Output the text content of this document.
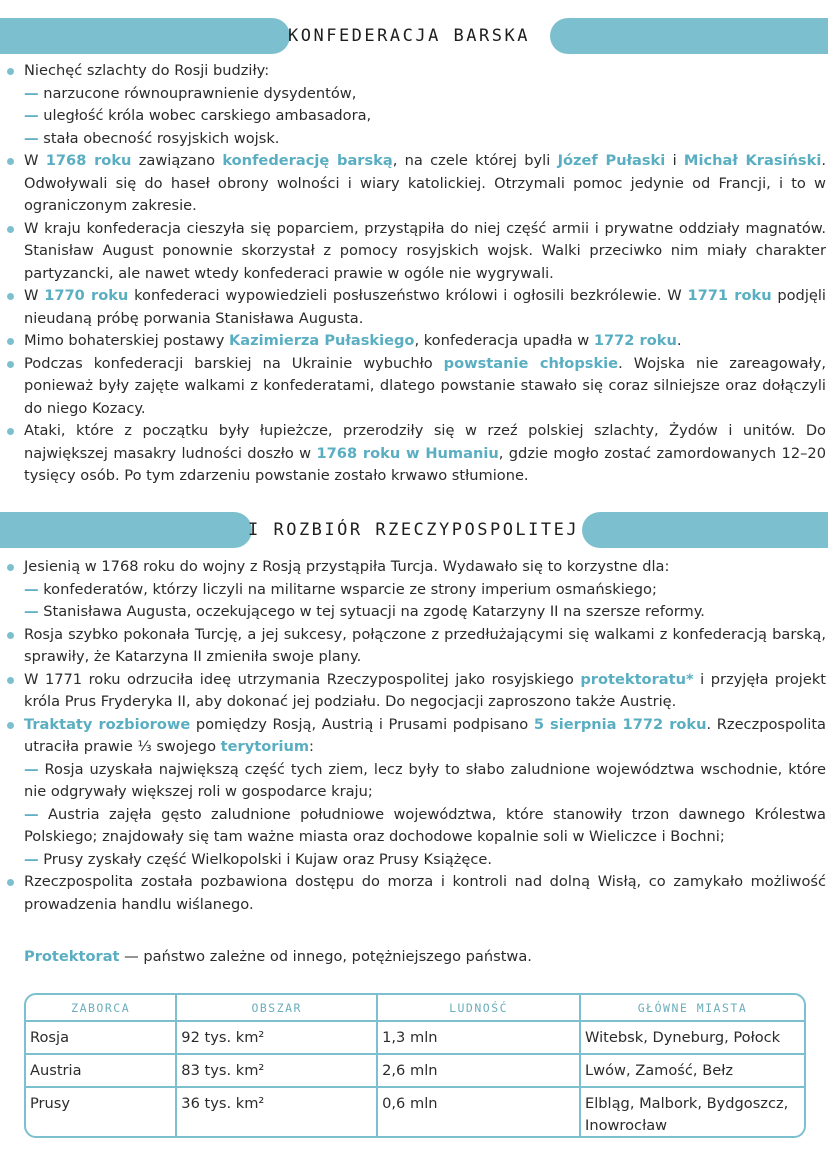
KONFEDERACJA BARSKA

Niechęć szlachty do Rosji budziły:

— narzucone równouprawnienie dysydentów,

— uległość króla wobec carskiego ambasadora,

— stała obecność rosyjskich wojsk.

W 1768 roku zawiązano konfederację barską, na czele której byli Józef Pułaski i Michał Krasiński. Odwoływali się do haseł obrony wolności i wiary katolickiej. Otrzymali pomoc jedynie od Francji, i to w ograniczonym zakresie.

W kraju konfederacja cieszyła się poparciem, przystąpiła do niej część armii i prywatne oddziały magnatów. Stanisław August ponownie skorzystał z pomocy rosyjskich wojsk. Walki przeciwko nim miały charakter partyzancki, ale nawet wtedy konfederaci prawie w ogóle nie wygrywali.

W 1770 roku konfederaci wypowiedzieli posłuszeństwo królowi i ogłosili bezkrólewie. W 1771 roku podjęli nieudaną próbę porwania Stanisława Augusta.

Mimo bohaterskiej postawy Kazimierza Pułaskiego, konfederacja upadła w 1772 roku.

Podczas konfederacji barskiej na Ukrainie wybuchło powstanie chłopskie. Wojska nie zareagowały, ponieważ były zajęte walkami z konfederatami, dlatego powstanie stawało się coraz silniejsze oraz dołączyli do niego Kozacy.

Ataki, które z początku były łupieżcze, przerodziły się w rzeź polskiej szlachty, Żydów i unitów. Do największej masakry ludności doszło w 1768 roku w Humaniu, gdzie mogło zostać zamordowanych 12–20 tysięcy osób. Po tym zdarzeniu powstanie zostało krwawo stłumione.

I ROZBIÓR RZECZYPOSPOLITEJ

Jesienią w 1768 roku do wojny z Rosją przystąpiła Turcja. Wydawało się to korzystne dla:

— konfederatów, którzy liczyli na militarne wsparcie ze strony imperium osmańskiego;

— Stanisława Augusta, oczekującego w tej sytuacji na zgodę Katarzyny II na szersze reformy.

Rosja szybko pokonała Turcję, a jej sukcesy, połączone z przedłużającymi się walkami z konfederacją barską, sprawiły, że Katarzyna II zmieniła swoje plany.

W 1771 roku odrzuciła ideę utrzymania Rzeczypospolitej jako rosyjskiego protektoratu* i przyjęła projekt króla Prus Fryderyka II, aby dokonać jej podziału. Do negocjacji zaproszono także Austrię.

Traktaty rozbiorowe pomiędzy Rosją, Austrią i Prusami podpisano 5 sierpnia 1772 roku. Rzeczpospolita utraciła prawie ⅓ swojego terytorium:

— Rosja uzyskała największą część tych ziem, lecz były to słabo zaludnione województwa wschodnie, które nie odgrywały większej roli w gospodarce kraju;

— Austria zajęła gęsto zaludnione południowe województwa, które stanowiły trzon dawnego Królestwa Polskiego; znajdowały się tam ważne miasta oraz dochodowe kopalnie soli w Wieliczce i Bochni;

— Prusy zyskały część Wielkopolski i Kujaw oraz Prusy Książęce.

Rzeczpospolita została pozbawiona dostępu do morza i kontroli nad dolną Wisłą, co zamykało możliwość prowadzenia handlu wiślanego.

Protektorat — państwo zależne od innego, potężniejszego państwa.
ZABORCA	OBSZAR	LUDNOŚĆ	GŁÓWNE MIASTA
Rosja	92 tys. km²	1,3 mln	Witebsk, Dyneburg, Połock
Austria	83 tys. km²	2,6 mln	Lwów, Zamość, Bełz
Prusy	36 tys. km²	0,6 mln	Elbląg, Malbork, Bydgoszcz, Inowrocław
